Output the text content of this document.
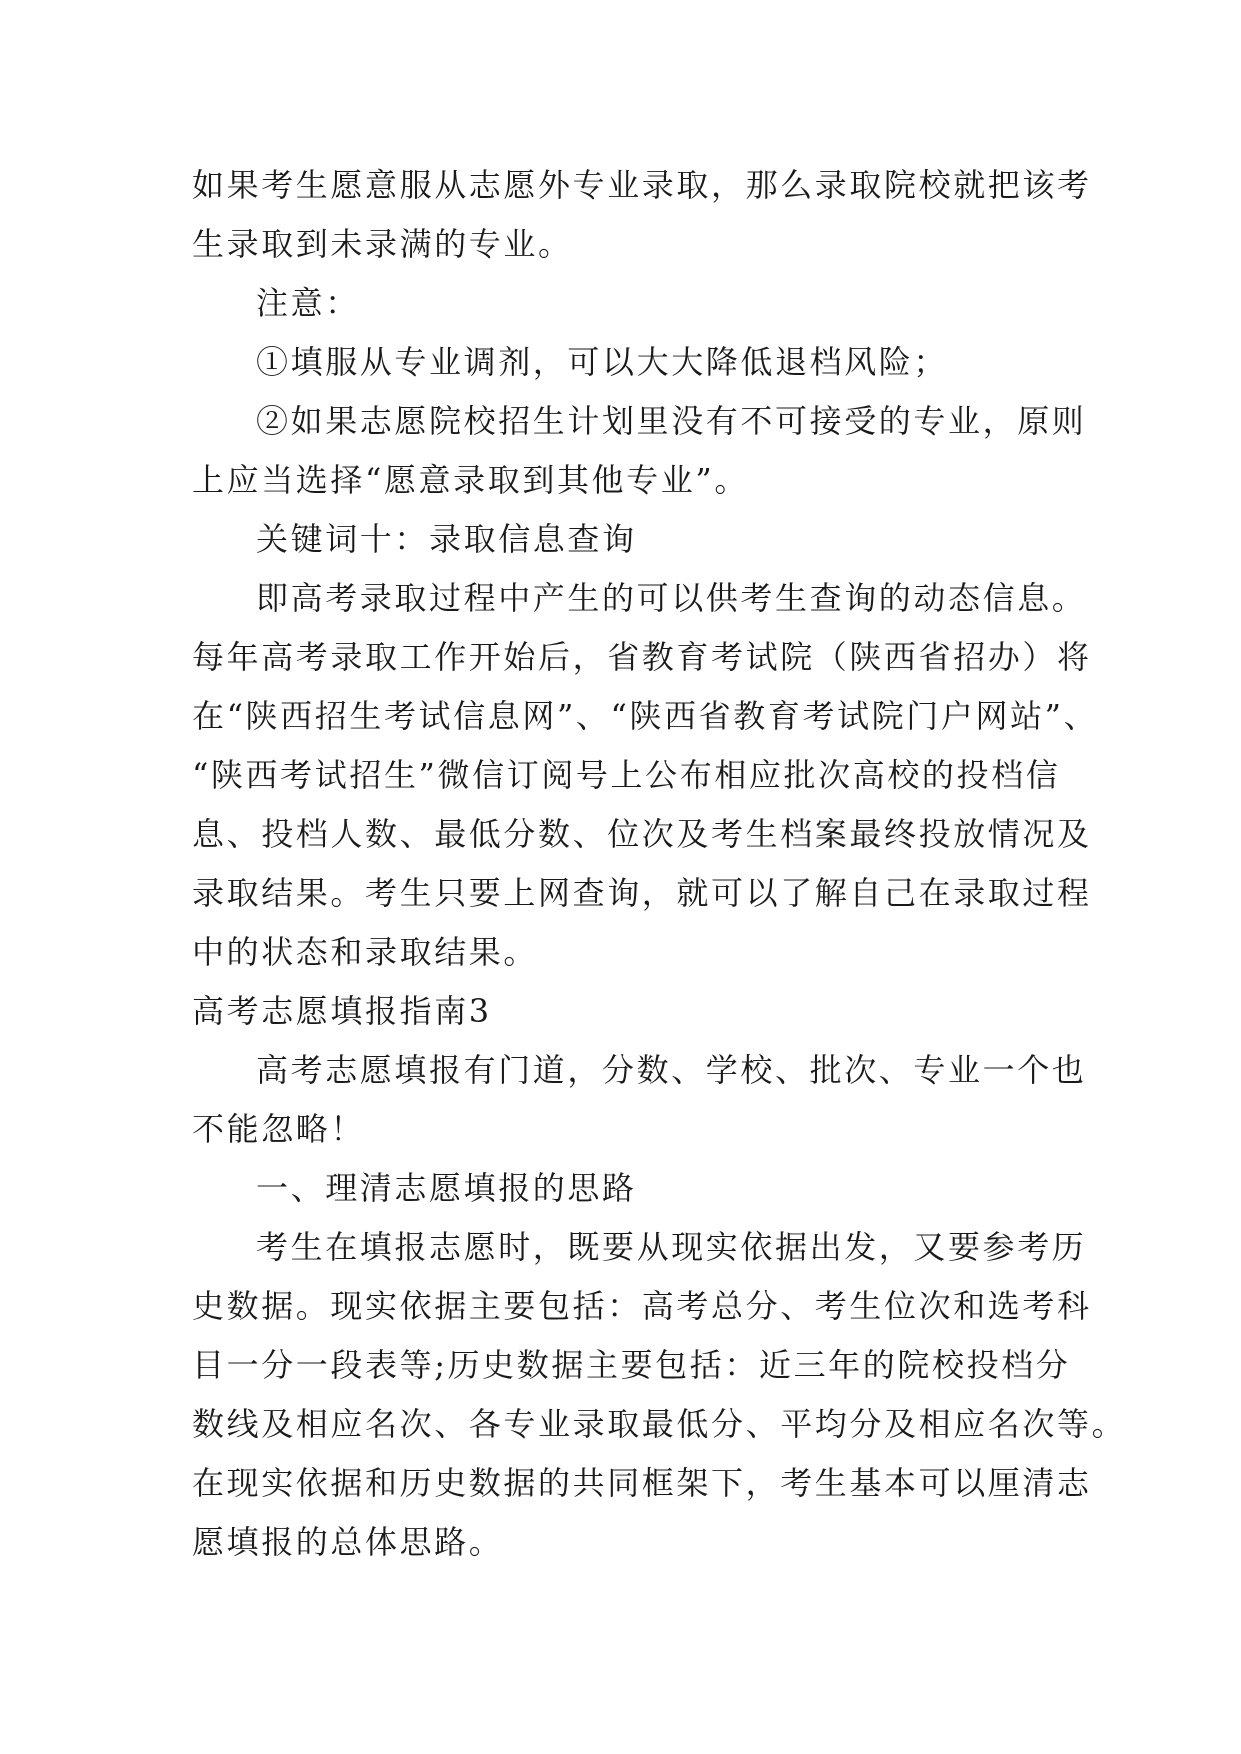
如果考生愿意服从志愿外专业录取，那么录取院校就把该考
生录取到未录满的专业。
注意：
①填服从专业调剂，可以大大降低退档风险；
②如果志愿院校招生计划里没有不可接受的专业，原则
上应当选择“愿意录取到其他专业”。
关键词十：录取信息查询
即高考录取过程中产生的可以供考生查询的动态信息。
每年高考录取工作开始后，省教育考试院（陕西省招办）将
在“陕西招生考试信息网”、“陕西省教育考试院门户网站”、
“陕西考试招生”微信订阅号上公布相应批次高校的投档信
息、投档人数、最低分数、位次及考生档案最终投放情况及
录取结果。考生只要上网查询，就可以了解自己在录取过程
中的状态和录取结果。
高考志愿填报指南3
高考志愿填报有门道，分数、学校、批次、专业一个也
不能忽略！
一、理清志愿填报的思路
考生在填报志愿时，既要从现实依据出发，又要参考历
史数据。现实依据主要包括：高考总分、考生位次和选考科
目一分一段表等;历史数据主要包括：近三年的院校投档分
数线及相应名次、各专业录取最低分、平均分及相应名次等。
在现实依据和历史数据的共同框架下，考生基本可以厘清志
愿填报的总体思路。
